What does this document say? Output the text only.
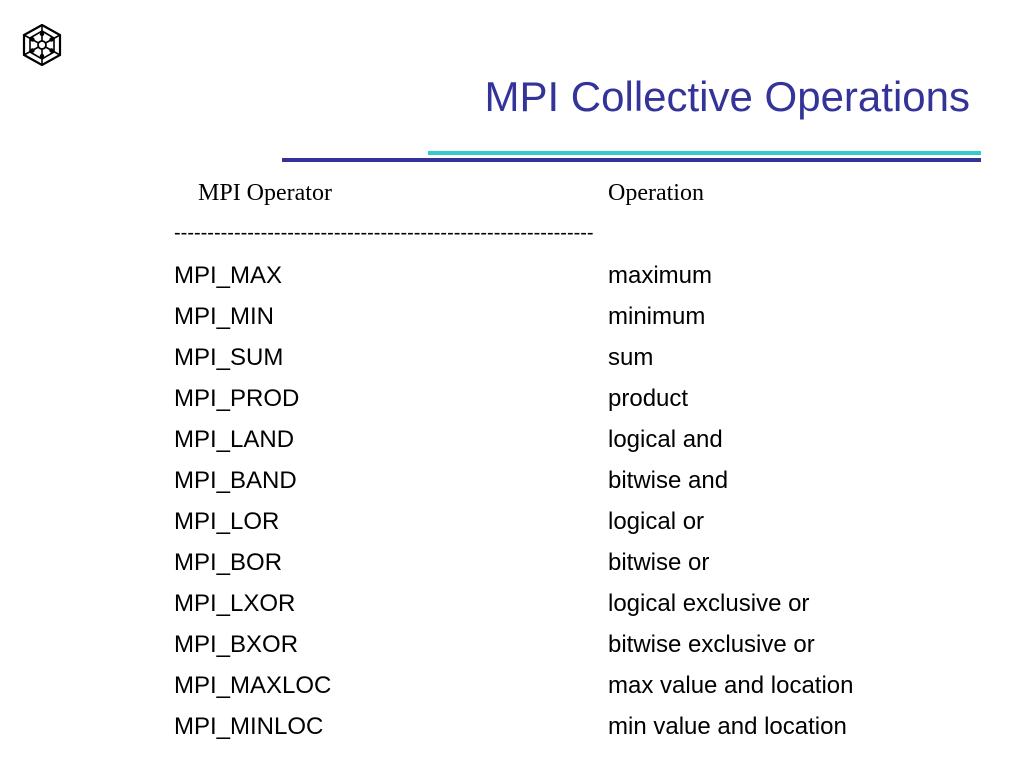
MPI Collective Operations
MPI Operator	Operation
---------------------------------------------------------------
MPI_MAX	maximum
MPI_MIN	minimum
MPI_SUM	sum
MPI_PROD	product
MPI_LAND	logical and
MPI_BAND	bitwise and
MPI_LOR	logical or
MPI_BOR	bitwise or
MPI_LXOR	logical exclusive or
MPI_BXOR	bitwise exclusive or
MPI_MAXLOC	max value and location
MPI_MINLOC	min value and location
